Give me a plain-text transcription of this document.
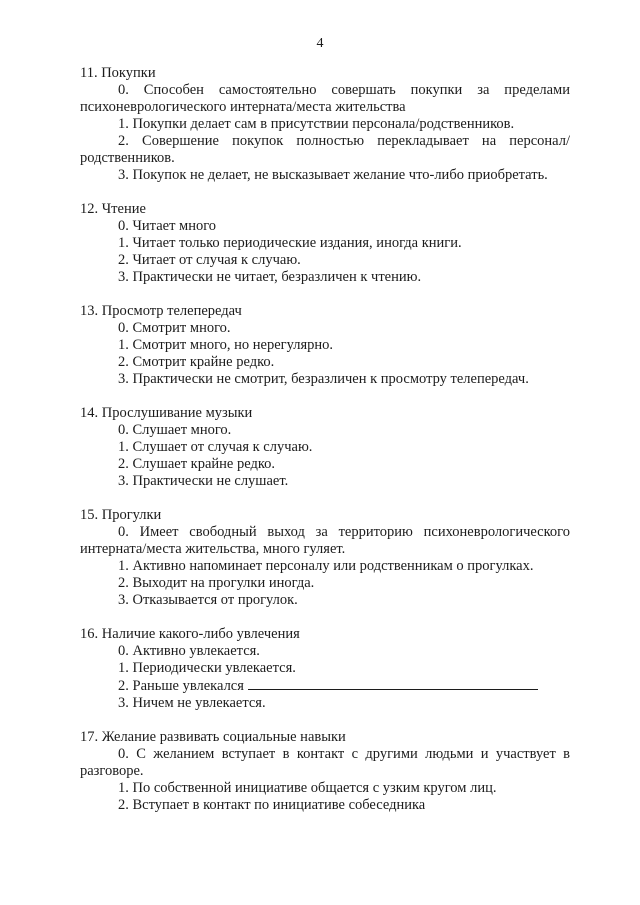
4

11. Покупки

0. Способен самостоятельно совершать покупки за пределами психоневрологического интерната/места жительства

1. Покупки делает сам в присутствии персонала/родственников.

2. Совершение покупок полностью перекладывает на персонал/родственников.

3. Покупок не делает, не высказывает желание что-либо приобретать.

12. Чтение

0. Читает много

1. Читает только периодические издания, иногда книги.

2. Читает от случая к случаю.

3. Практически не читает, безразличен к чтению.

13. Просмотр телепередач

0. Смотрит много.

1. Смотрит много, но нерегулярно.

2. Смотрит крайне редко.

3. Практически не смотрит, безразличен к просмотру телепередач.

14. Прослушивание музыки

0. Слушает много.

1. Слушает от случая к случаю.

2. Слушает крайне редко.

3. Практически не слушает.

15. Прогулки

0. Имеет свободный выход за территорию психоневрологического интерната/места жительства, много гуляет.

1. Активно напоминает персоналу или родственникам о прогулках.

2. Выходит на прогулки иногда.

3. Отказывается от прогулок.

16. Наличие какого-либо увлечения

0. Активно увлекается.

1. Периодически увлекается.

2. Раньше увлекался

3. Ничем не увлекается.

17. Желание развивать социальные навыки

0. С желанием вступает в контакт с другими людьми и участвует в разговоре.

1. По собственной инициативе общается с узким кругом лиц.

2. Вступает в контакт по инициативе собеседника
